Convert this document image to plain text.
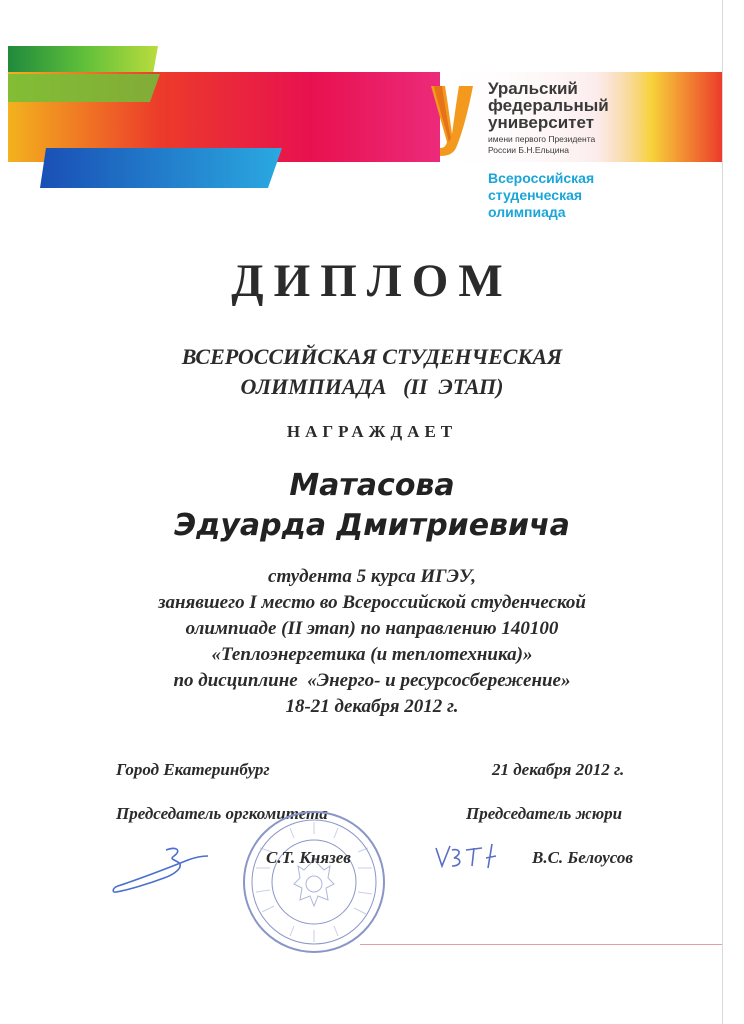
Уральский
федеральный
университет
имени первого Президента
России Б.Н.Ельцина
Всероссийская
студенческая
олимпиада
ДИПЛОМ
ВСЕРОССИЙСКАЯ СТУДЕНЧЕСКАЯ
ОЛИМПИАДА   (II  ЭТАП)
НАГРАЖДАЕТ
Матасова
Эдуарда Дмитриевича
студента 5 курса ИГЭУ,
занявшего I место во Всероссийской студенческой
олимпиаде (II этап) по направлению 140100
«Теплоэнергетика (и теплотехника)»
по дисциплине  «Энерго- и ресурсосбережение»
18-21 декабря 2012 г.
Город Екатеринбург	21 декабря 2012 г.
Председатель оргкомитета	Председатель жюри
С.Т. Князев	В.С. Белоусов
